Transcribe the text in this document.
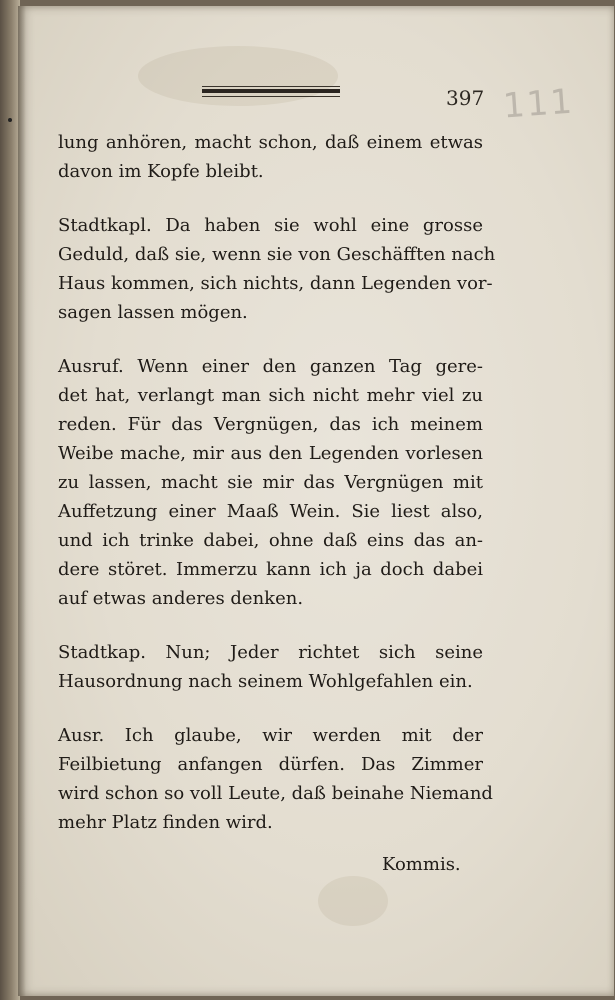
397 111
lung anhören, macht schon, daß einem etwas
davon im Kopfe bleibt.
Stadtkapl. Da haben sie wohl eine grosse
Geduld, daß sie, wenn sie von Geschäfften nach
Haus kommen, sich nichts, dann Legenden vor-
sagen lassen mögen.
Ausruf. Wenn einer den ganzen Tag gere-
det hat, verlangt man sich nicht mehr viel zu
reden. Für das Vergnügen, das ich meinem
Weibe mache, mir aus den Legenden vorlesen
zu lassen, macht sie mir das Vergnügen mit
Auffetzung einer Maaß Wein. Sie liest also,
und ich trinke dabei, ohne daß eins das an-
dere störet. Immerzu kann ich ja doch dabei
auf etwas anderes denken.
Stadtkap. Nun; Jeder richtet sich seine
Hausordnung nach seinem Wohlgefahlen ein.
Ausr. Ich glaube, wir werden mit der
Feilbietung anfangen dürfen. Das Zimmer
wird schon so voll Leute, daß beinahe Niemand
mehr Platz finden wird.
Kommis.
